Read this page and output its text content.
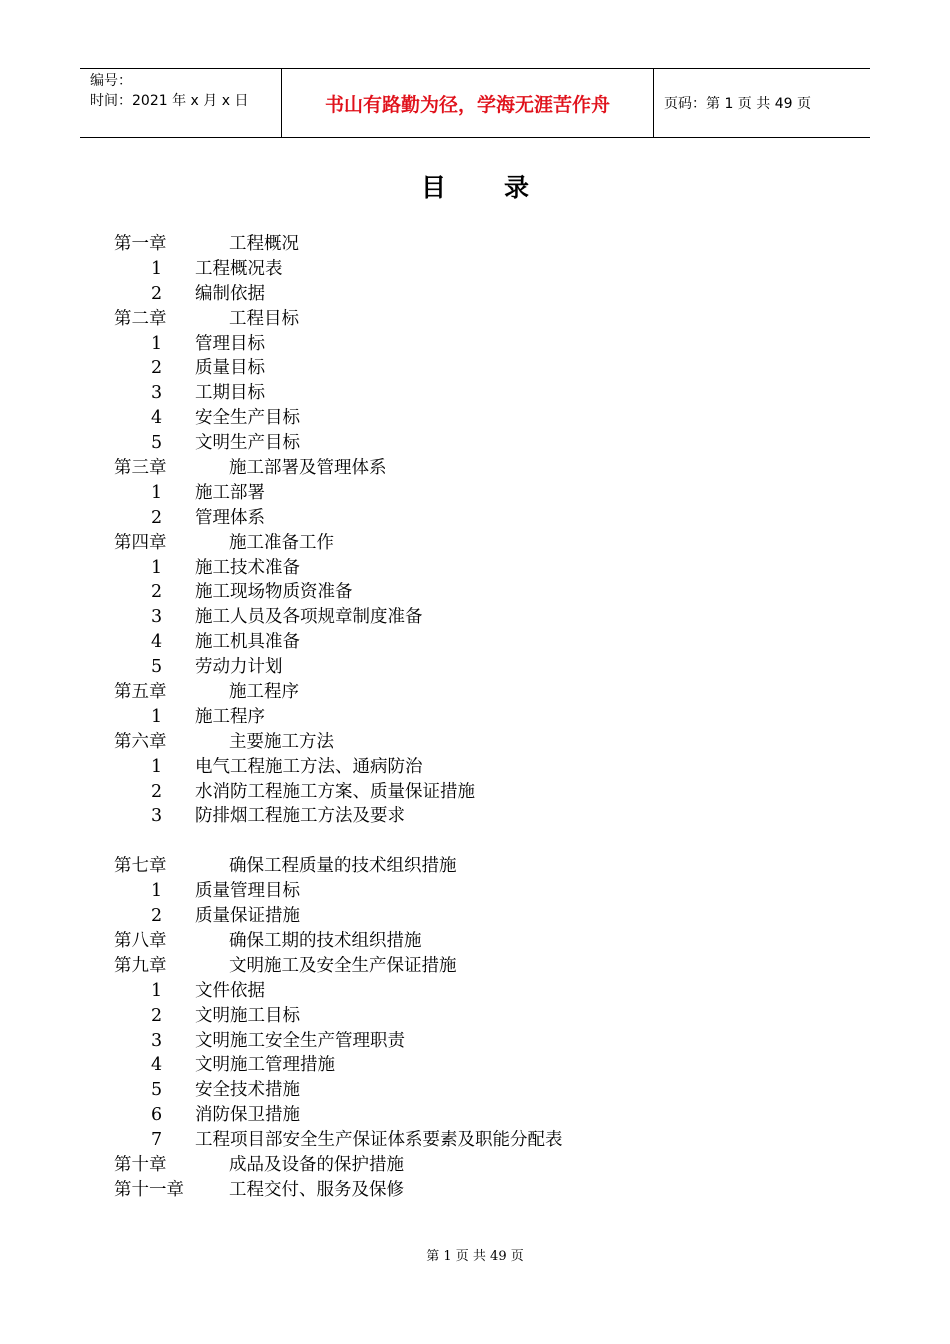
编号：
时间：2021 年 x 月 x 日	书山有路勤为径，学海无涯苦作舟	页码：第 1 页 共 49 页
目 录
第一章	工程概况
1 工程概况表
2 编制依据
第二章	工程目标
1 管理目标
2 质量目标
3 工期目标
4 安全生产目标
5 文明生产目标
第三章	施工部署及管理体系
1 施工部署
2 管理体系
第四章	施工准备工作
1 施工技术准备
2 施工现场物质资准备
3 施工人员及各项规章制度准备
4 施工机具准备
5 劳动力计划
第五章	施工程序
1 施工程序
第六章	主要施工方法
1 电气工程施工方法、通病防治
2 水消防工程施工方案、质量保证措施
3 防排烟工程施工方法及要求
第七章	确保工程质量的技术组织措施
1 质量管理目标
2 质量保证措施
第八章	确保工期的技术组织措施
第九章	文明施工及安全生产保证措施
1 文件依据
2 文明施工目标
3 文明施工安全生产管理职责
4 文明施工管理措施
5 安全技术措施
6 消防保卫措施
7 工程项目部安全生产保证体系要素及职能分配表
第十章	成品及设备的保护措施
第十一章	工程交付、服务及保修
第 1 页 共 49 页
